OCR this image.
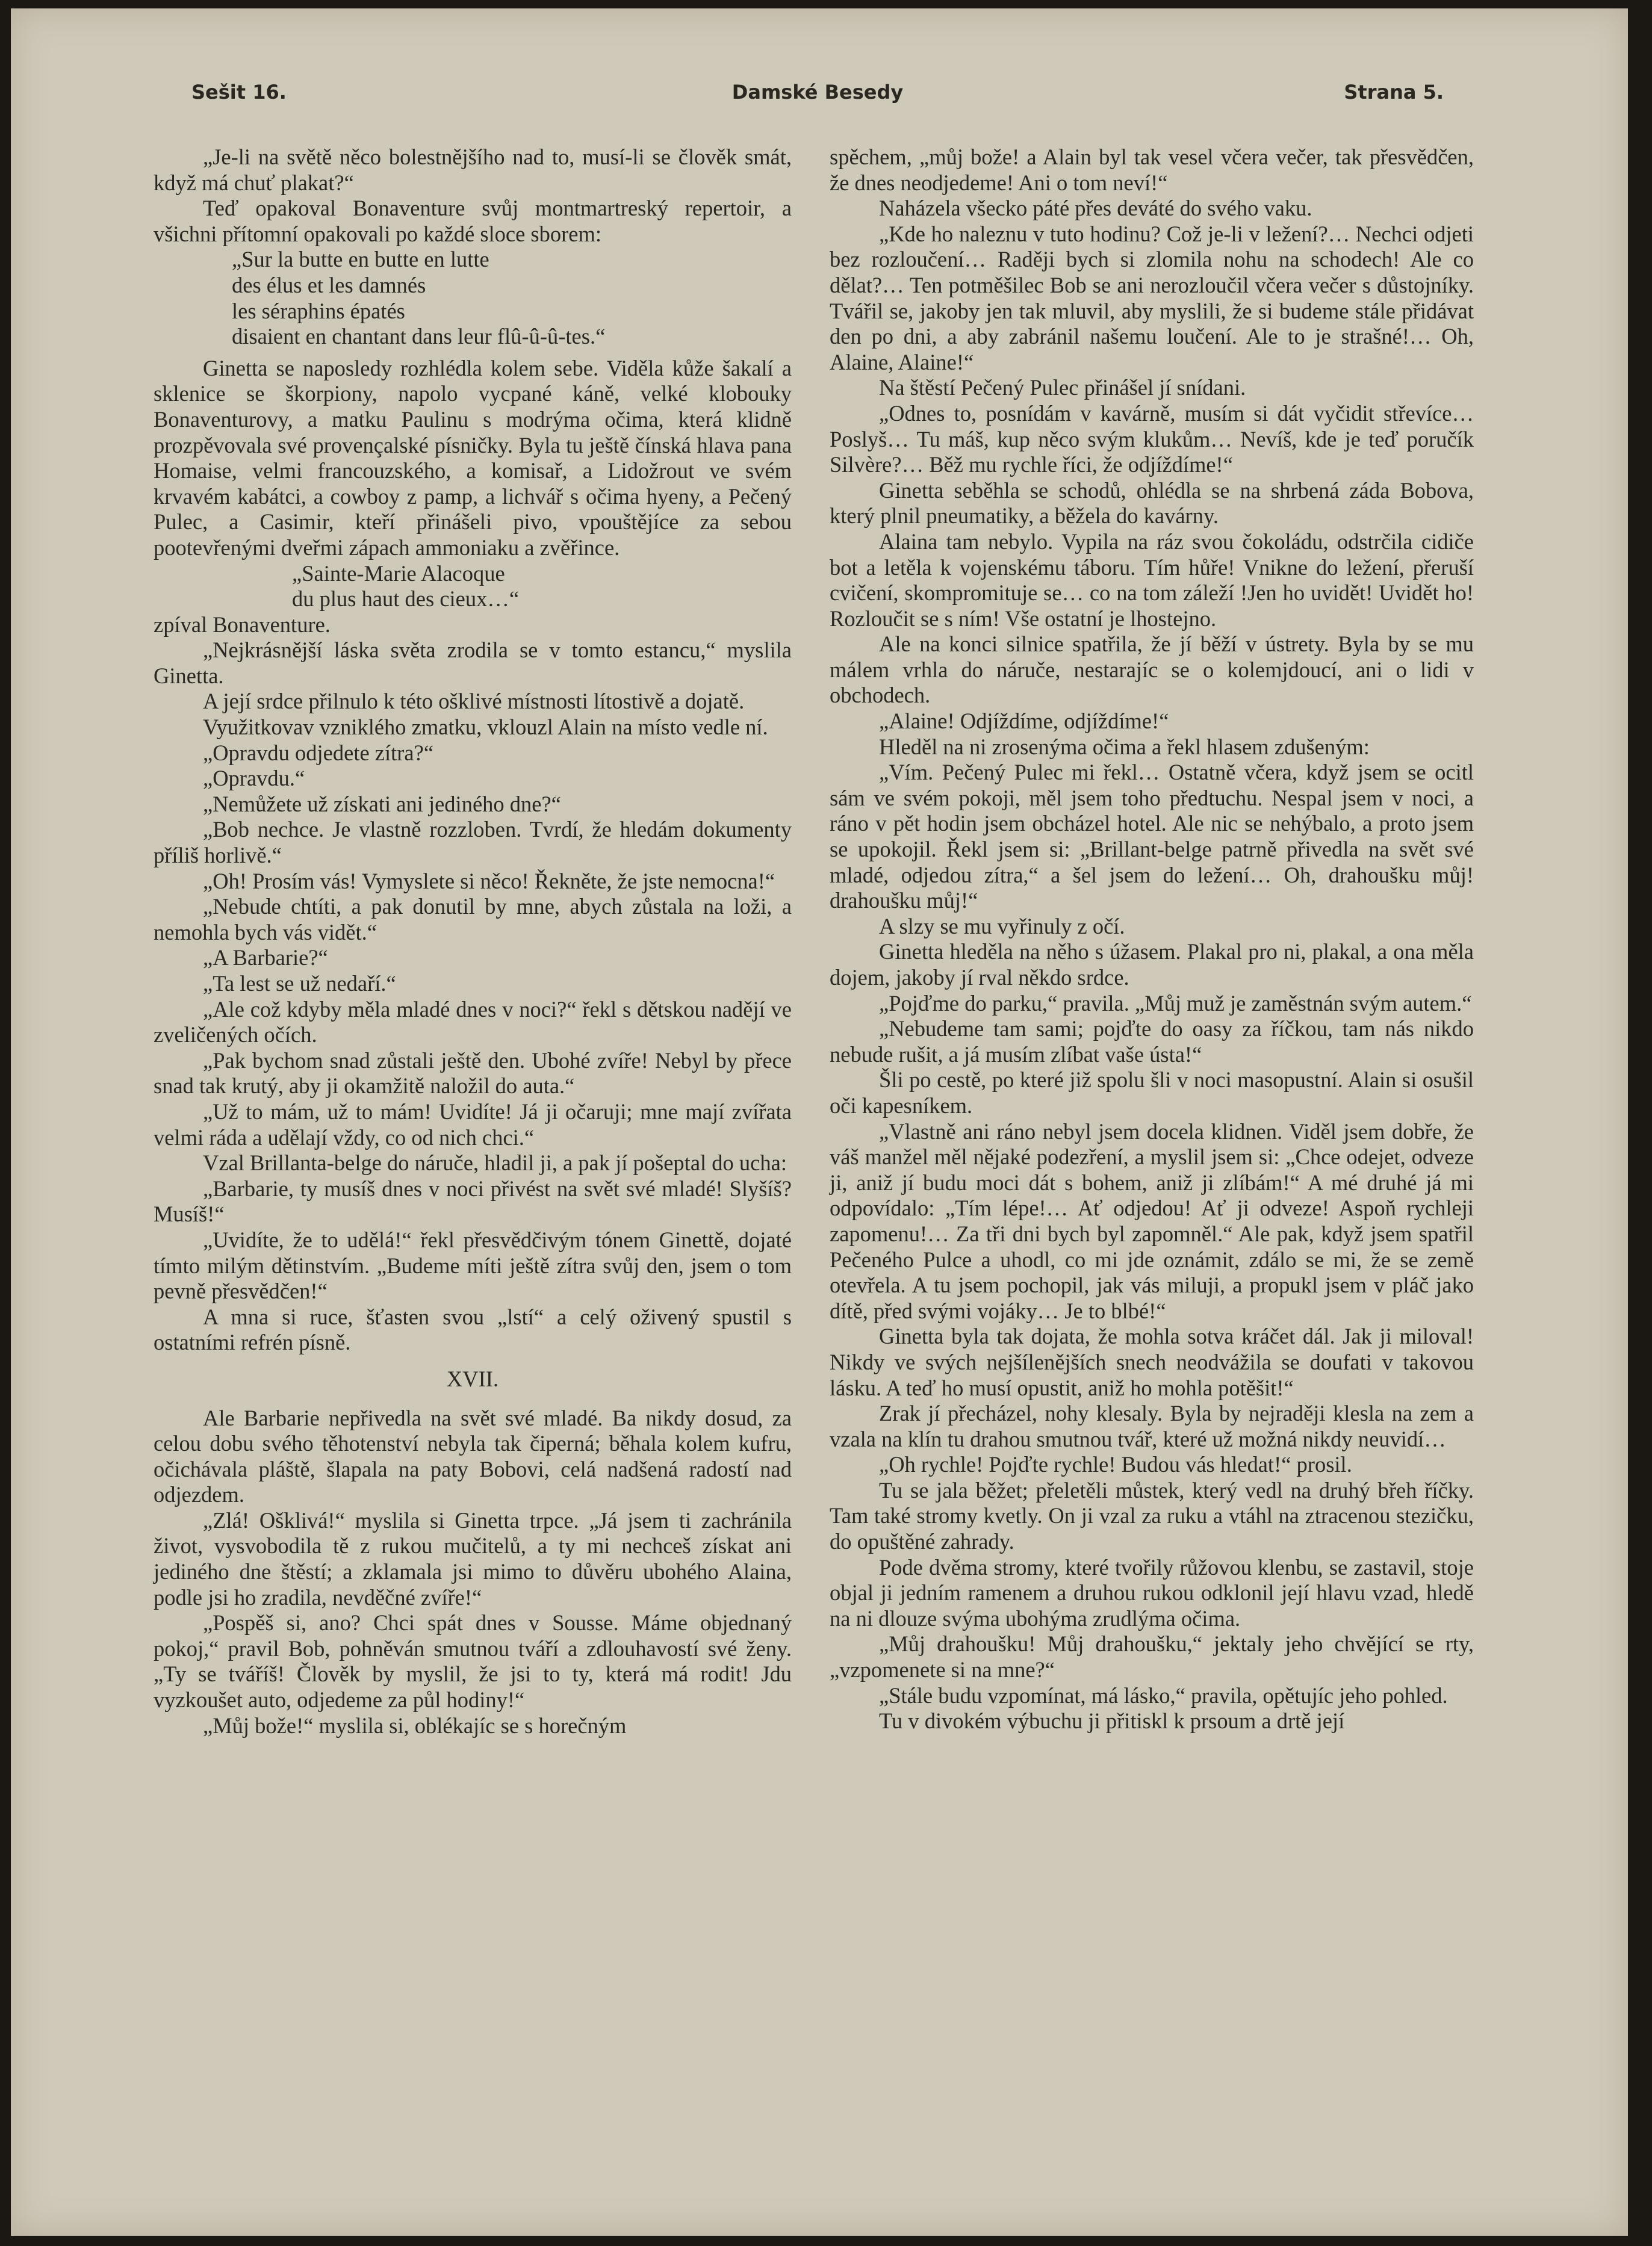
Sešit 16.	Damské Besedy	Strana 5.

„Je-li na světě něco bolestnějšího nad to, musí-li se člověk smát, když má chuť plakat?“

Teď opakoval Bonaventure svůj montmartreský repertoir, a všichni přítomní opakovali po každé sloce sborem:

„Sur la butte en butte en lutte
des élus et les damnés
les séraphins épatés
disaient en chantant dans leur flû-û-û-tes.“

Ginetta se naposledy rozhlédla kolem sebe. Viděla kůže šakalí a sklenice se škorpiony, napolo vycpané káně, velké klobouky Bonaventurovy, a matku Paulinu s modrýma očima, která klidně prozpěvovala své provençalské písničky. Byla tu ještě čínská hlava pana Homaise, velmi francouzského, a komisař, a Lidožrout ve svém krvavém kabátci, a cowboy z pamp, a lichvář s očima hyeny, a Pečený Pulec, a Casimir, kteří přinášeli pivo, vpouštějíce za sebou pootevřenými dveřmi zápach ammoniaku a zvěřince.

„Sainte-Marie Alacoque
du plus haut des cieux…“

zpíval Bonaventure.

„Nejkrásnější láska světa zrodila se v tomto estancu,“ myslila Ginetta.

A její srdce přilnulo k této ošklivé místnosti lítostivě a dojatě.

Využitkovav vzniklého zmatku, vklouzl Alain na místo vedle ní.

„Opravdu odjedete zítra?“

„Opravdu.“

„Nemůžete už získati ani jediného dne?“

„Bob nechce. Je vlastně rozzloben. Tvrdí, že hledám dokumenty příliš horlivě.“

„Oh! Prosím vás! Vymyslete si něco! Řekněte, že jste nemocna!“

„Nebude chtíti, a pak donutil by mne, abych zůstala na loži, a nemohla bych vás vidět.“

„A Barbarie?“

„Ta lest se už nedaří.“

„Ale což kdyby měla mladé dnes v noci?“ řekl s dětskou nadějí ve zveličených očích.

„Pak bychom snad zůstali ještě den. Ubohé zvíře! Nebyl by přece snad tak krutý, aby ji okamžitě naložil do auta.“

„Už to mám, už to mám! Uvidíte! Já ji očaruji; mne mají zvířata velmi ráda a udělají vždy, co od nich chci.“

Vzal Brillanta-belge do náruče, hladil ji, a pak jí pošeptal do ucha:

„Barbarie, ty musíš dnes v noci přivést na svět své mladé! Slyšíš? Musíš!“

„Uvidíte, že to udělá!“ řekl přesvědčivým tónem Ginettě, dojaté tímto milým dětinstvím. „Budeme míti ještě zítra svůj den, jsem o tom pevně přesvědčen!“

A mna si ruce, šťasten svou „lstí“ a celý oživený spustil s ostatními refrén písně.

XVII.

Ale Barbarie nepřivedla na svět své mladé. Ba nikdy dosud, za celou dobu svého těhotenství nebyla tak čiperná; běhala kolem kufru, očichávala pláště, šlapala na paty Bobovi, celá nadšená radostí nad odjezdem.

„Zlá! Ošklivá!“ myslila si Ginetta trpce. „Já jsem ti zachránila život, vysvobodila tě z rukou mučitelů, a ty mi nechceš získat ani jediného dne štěstí; a zklamala jsi mimo to důvěru ubohého Alaina, podle jsi ho zradila, nevděčné zvíře!“

„Pospěš si, ano? Chci spát dnes v Sousse. Máme objednaný pokoj,“ pravil Bob, pohněván smutnou tváří a zdlouhavostí své ženy. „Ty se tváříš! Člověk by myslil, že jsi to ty, která má rodit! Jdu vyzkoušet auto, odjedeme za půl hodiny!“

„Můj bože!“ myslila si, oblékajíc se s horečným

spěchem, „můj bože! a Alain byl tak vesel včera večer, tak přesvědčen, že dnes neodjedeme! Ani o tom neví!“

Naházela všecko páté přes deváté do svého vaku.

„Kde ho naleznu v tuto hodinu? Což je-li v ležení?… Nechci odjeti bez rozloučení… Raději bych si zlomila nohu na schodech! Ale co dělat?… Ten potměšilec Bob se ani nerozloučil včera večer s důstojníky. Tvářil se, jakoby jen tak mluvil, aby myslili, že si budeme stále přidávat den po dni, a aby zabránil našemu loučení. Ale to je strašné!… Oh, Alaine, Alaine!“

Na štěstí Pečený Pulec přinášel jí snídani.

„Odnes to, posnídám v kavárně, musím si dát vyčidit střevíce… Poslyš… Tu máš, kup něco svým klukům… Nevíš, kde je teď poručík Silvère?… Běž mu rychle říci, že odjíždíme!“

Ginetta seběhla se schodů, ohlédla se na shrbená záda Bobova, který plnil pneumatiky, a běžela do kavárny.

Alaina tam nebylo. Vypila na ráz svou čokoládu, odstrčila cidiče bot a letěla k vojenskému táboru. Tím hůře! Vnikne do ležení, přeruší cvičení, skompromituje se… co na tom záleží !Jen ho uvidět! Uvidět ho! Rozloučit se s ním! Vše ostatní je lhostejno.

Ale na konci silnice spatřila, že jí běží v ústrety. Byla by se mu málem vrhla do náruče, nestarajíc se o kolemjdoucí, ani o lidi v obchodech.

„Alaine! Odjíždíme, odjíždíme!“

Hleděl na ni zrosenýma očima a řekl hlasem zdušeným:

„Vím. Pečený Pulec mi řekl… Ostatně včera, když jsem se ocitl sám ve svém pokoji, měl jsem toho předtuchu. Nespal jsem v noci, a ráno v pět hodin jsem obcházel hotel. Ale nic se nehýbalo, a proto jsem se upokojil. Řekl jsem si: „Brillant-belge patrně přivedla na svět své mladé, odjedou zítra,“ a šel jsem do ležení… Oh, drahoušku můj! drahoušku můj!“

A slzy se mu vyřinuly z očí.

Ginetta hleděla na něho s úžasem. Plakal pro ni, plakal, a ona měla dojem, jakoby jí rval někdo srdce.

„Pojďme do parku,“ pravila. „Můj muž je zaměstnán svým autem.“

„Nebudeme tam sami; pojďte do oasy za říčkou, tam nás nikdo nebude rušit, a já musím zlíbat vaše ústa!“

Šli po cestě, po které již spolu šli v noci masopustní. Alain si osušil oči kapesníkem.

„Vlastně ani ráno nebyl jsem docela klidnen. Viděl jsem dobře, že váš manžel měl nějaké podezření, a myslil jsem si: „Chce odejet, odveze ji, aniž jí budu moci dát s bohem, aniž ji zlíbám!“ A mé druhé já mi odpovídalo: „Tím lépe!… Ať odjedou! Ať ji odveze! Aspoň rychleji zapomenu!… Za tři dni bych byl zapomněl.“ Ale pak, když jsem spatřil Pečeného Pulce a uhodl, co mi jde oznámit, zdálo se mi, že se země otevřela. A tu jsem pochopil, jak vás miluji, a propukl jsem v pláč jako dítě, před svými vojáky… Je to blbé!“

Ginetta byla tak dojata, že mohla sotva kráčet dál. Jak ji miloval! Nikdy ve svých nejšílenějších snech neodvážila se doufati v takovou lásku. A teď ho musí opustit, aniž ho mohla potěšit!“

Zrak jí přecházel, nohy klesaly. Byla by nejraději klesla na zem a vzala na klín tu drahou smutnou tvář, které už možná nikdy neuvidí…

„Oh rychle! Pojďte rychle! Budou vás hledat!“ prosil.

Tu se jala běžet; přeletěli můstek, který vedl na druhý břeh říčky. Tam také stromy kvetly. On ji vzal za ruku a vtáhl na ztracenou stezičku, do opuštěné zahrady.

Pode dvěma stromy, které tvořily růžovou klenbu, se zastavil, stoje objal ji jedním ramenem a druhou rukou odklonil její hlavu vzad, hledě na ni dlouze svýma ubohýma zrudlýma očima.

„Můj drahoušku! Můj drahoušku,“ jektaly jeho chvějící se rty, „vzpomenete si na mne?“

„Stále budu vzpomínat, má lásko,“ pravila, opětujíc jeho pohled.

Tu v divokém výbuchu ji přitiskl k prsoum a drtě její
